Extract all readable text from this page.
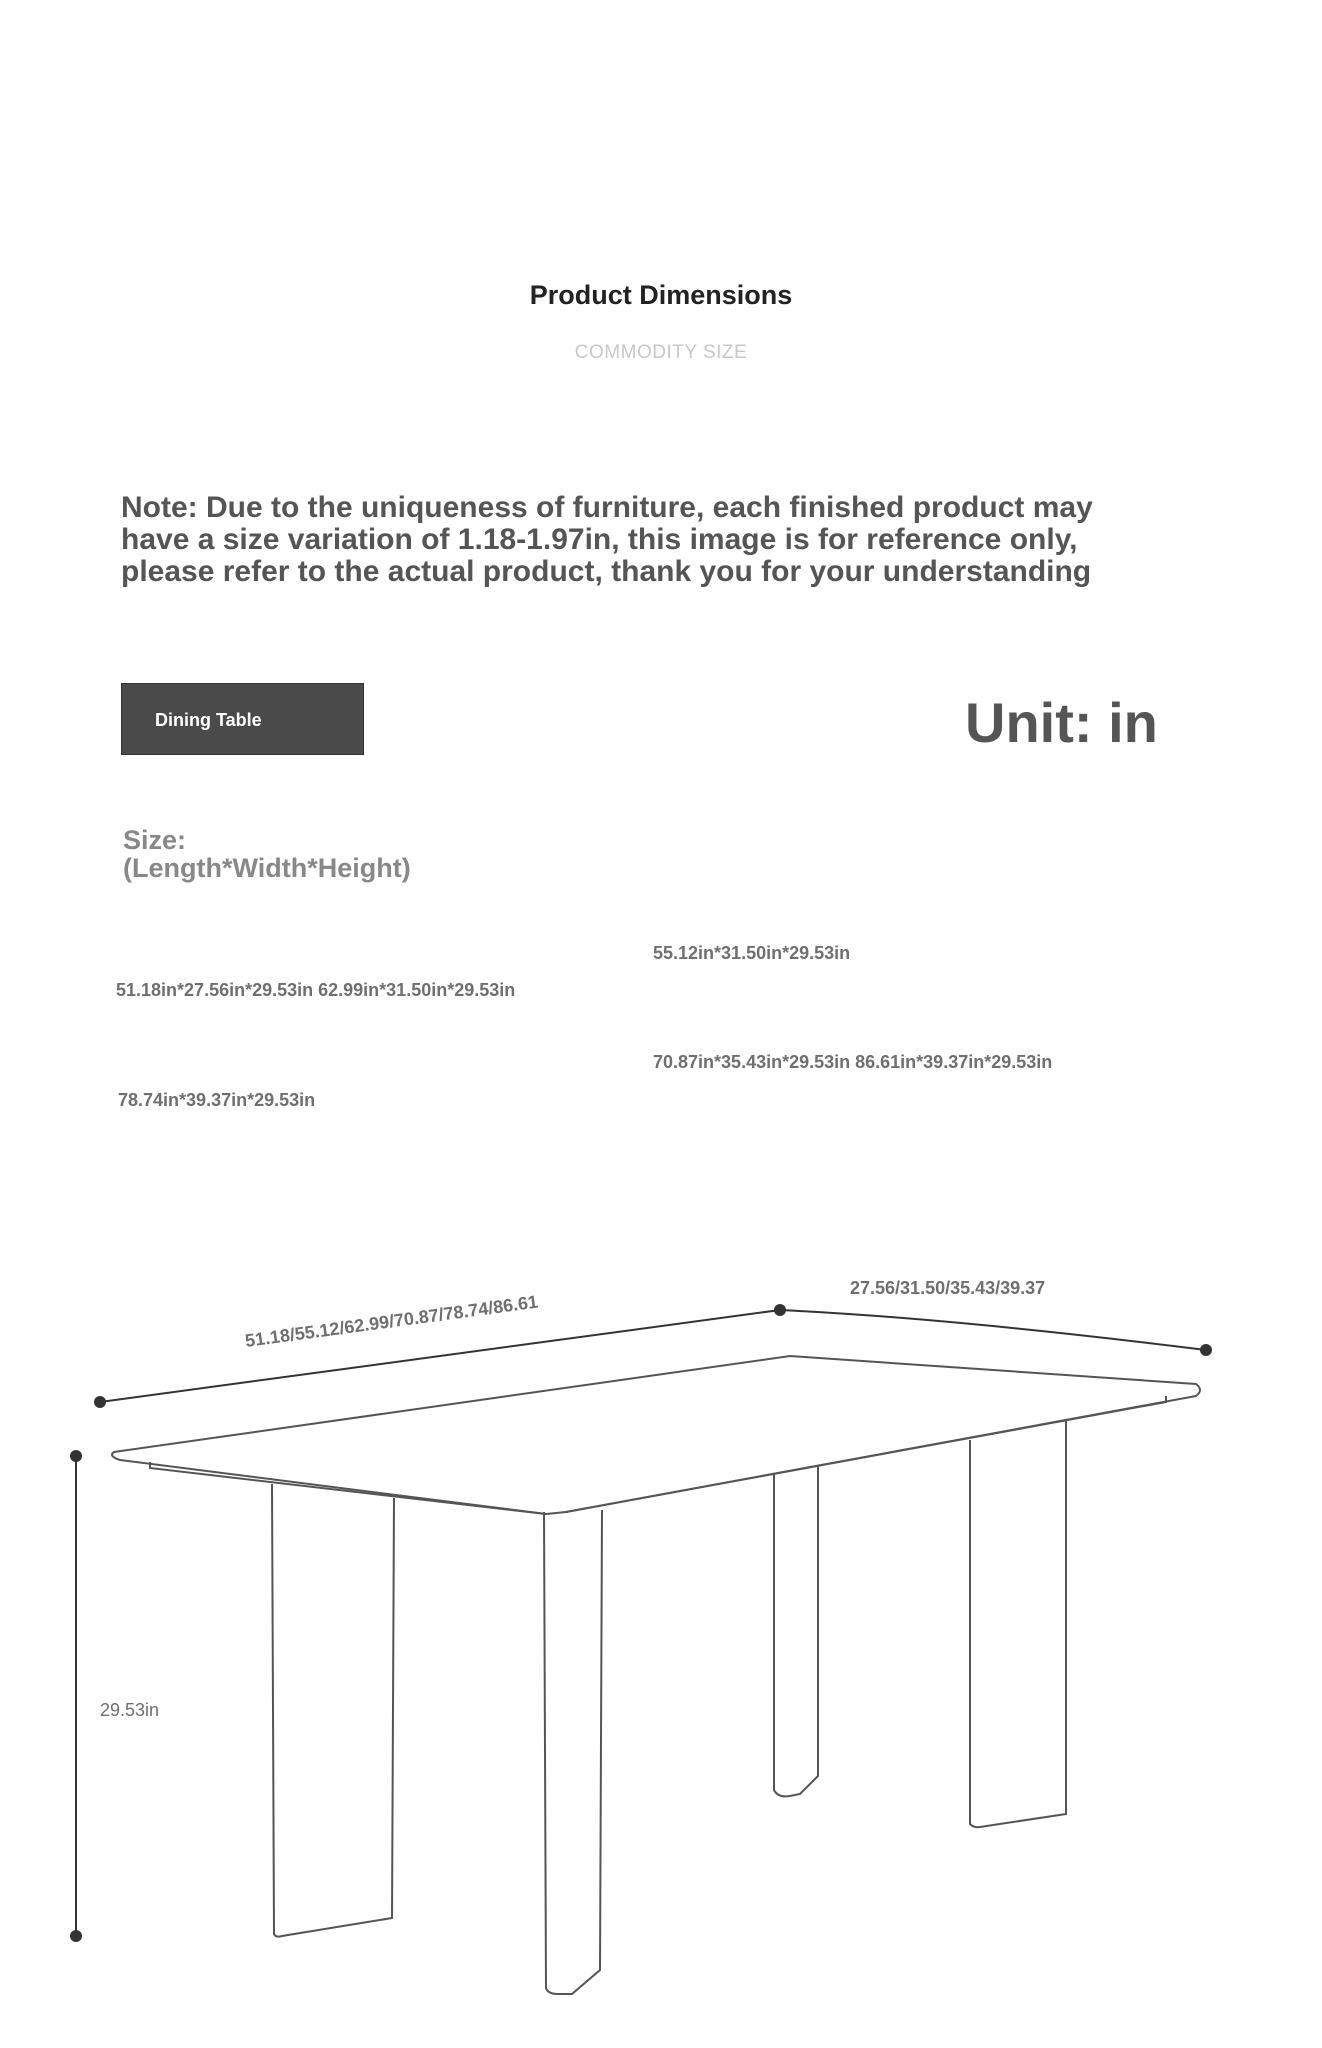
Product Dimensions
COMMODITY SIZE
Note: Due to the uniqueness of furniture, each finished product may
have a size variation of 1.18-1.97in, this image is for reference only,
please refer to the actual product, thank you for your understanding
Dining Table Dimensions
Unit: in
Size:
(Length*Width*Height)
51.18in*27.56in*29.53in 62.99in*31.50in*29.53in
78.74in*39.37in*29.53in
55.12in*31.50in*29.53in
70.87in*35.43in*29.53in 86.61in*39.37in*29.53in
51.18/55.12/62.99/70.87/78.74/86.61
27.56/31.50/35.43/39.37
29.53in
